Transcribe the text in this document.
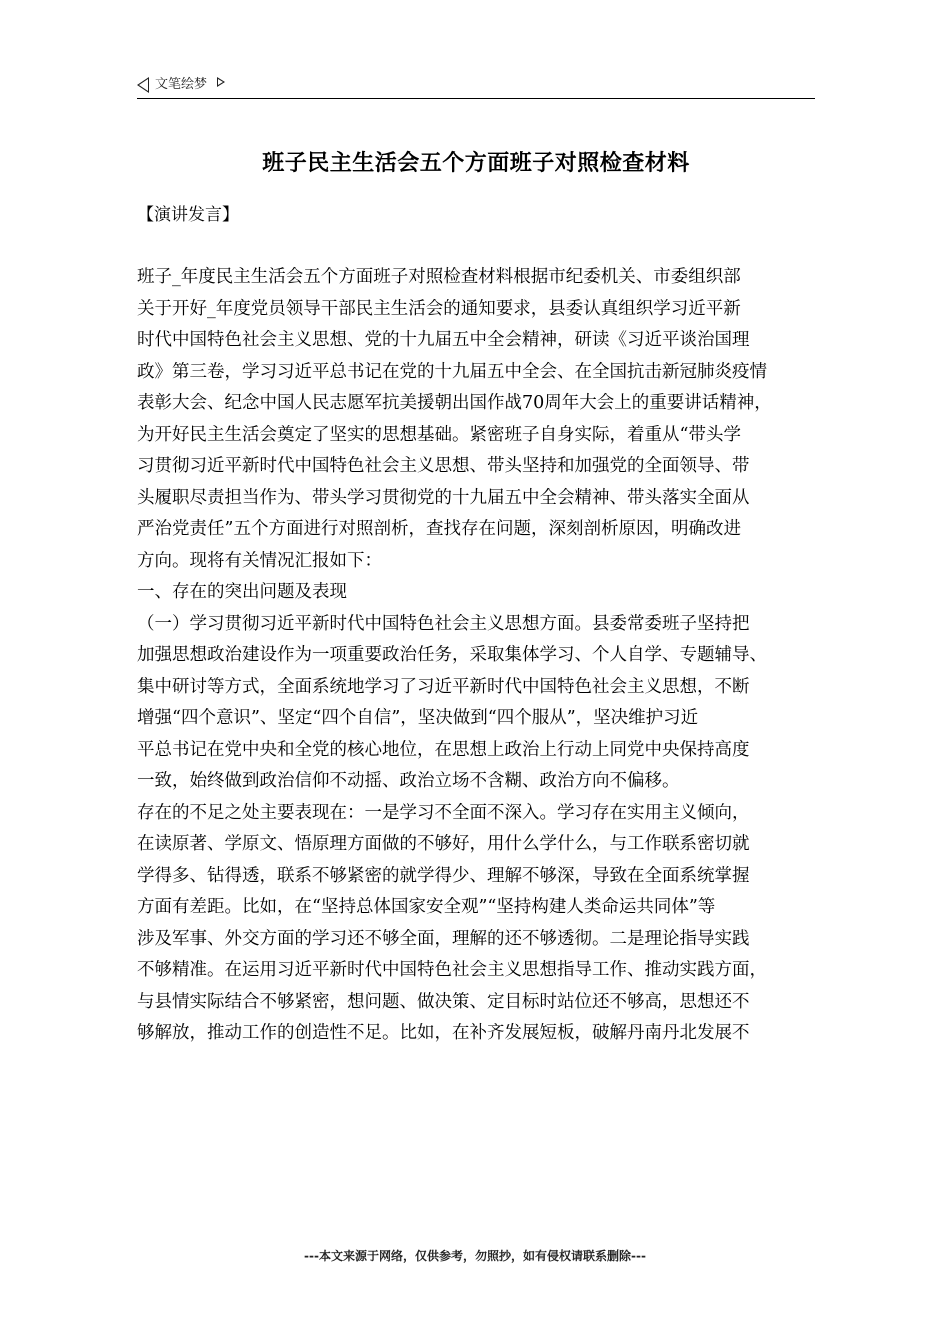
文笔绘梦
班子民主生活会五个方面班子对照检查材料
【演讲发言】
班子_年度民主生活会五个方面班子对照检查材料根据市纪委机关、市委组织部
关于开好_年度党员领导干部民主生活会的通知要求，县委认真组织学习近平新
时代中国特色社会主义思想、党的十九届五中全会精神，研读《习近平谈治国理
政》第三卷，学习习近平总书记在党的十九届五中全会、在全国抗击新冠肺炎疫情
表彰大会、纪念中国人民志愿军抗美援朝出国作战70周年大会上的重要讲话精神，
为开好民主生活会奠定了坚实的思想基础。紧密班子自身实际，着重从“带头学
习贯彻习近平新时代中国特色社会主义思想、带头坚持和加强党的全面领导、带
头履职尽责担当作为、带头学习贯彻党的十九届五中全会精神、带头落实全面从
严治党责任”五个方面进行对照剖析，查找存在问题，深刻剖析原因，明确改进
方向。现将有关情况汇报如下：
一、存在的突出问题及表现
（一）学习贯彻习近平新时代中国特色社会主义思想方面。县委常委班子坚持把
加强思想政治建设作为一项重要政治任务，采取集体学习、个人自学、专题辅导、
集中研讨等方式，全面系统地学习了习近平新时代中国特色社会主义思想，不断
增强“四个意识”、坚定“四个自信”，坚决做到“四个服从”，坚决维护习近
平总书记在党中央和全党的核心地位，在思想上政治上行动上同党中央保持高度
一致，始终做到政治信仰不动摇、政治立场不含糊、政治方向不偏移。
存在的不足之处主要表现在：一是学习不全面不深入。学习存在实用主义倾向，
在读原著、学原文、悟原理方面做的不够好，用什么学什么，与工作联系密切就
学得多、钻得透，联系不够紧密的就学得少、理解不够深，导致在全面系统掌握
方面有差距。比如，在“坚持总体国家安全观”“坚持构建人类命运共同体”等
涉及军事、外交方面的学习还不够全面，理解的还不够透彻。二是理论指导实践
不够精准。在运用习近平新时代中国特色社会主义思想指导工作、推动实践方面，
与县情实际结合不够紧密，想问题、做决策、定目标时站位还不够高，思想还不
够解放，推动工作的创造性不足。比如，在补齐发展短板，破解丹南丹北发展不
---本文来源于网络，仅供参考，勿照抄，如有侵权请联系删除---
